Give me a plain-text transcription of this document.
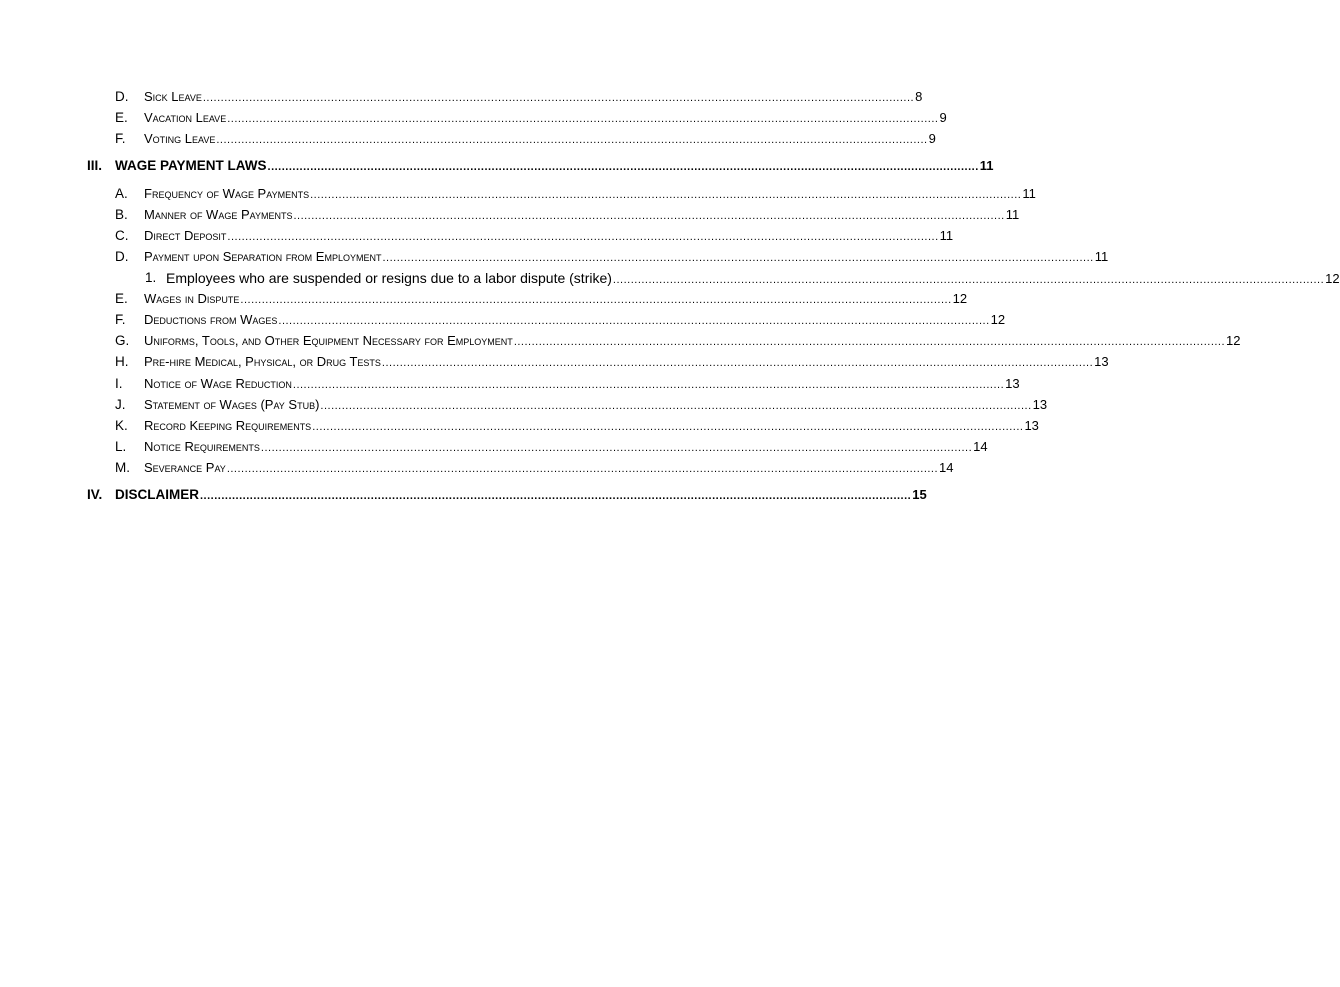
D. Sick Leave ........................................................................................................................................................................................................ 8
E. Vacation Leave ........................................................................................................................................................................................................ 9
F. Voting Leave ........................................................................................................................................................................................................ 9
III. WAGE PAYMENT LAWS ........................................................................................................................................................................................................ 11
A. Frequency of Wage Payments ........................................................................................................................................................................................................ 11
B. Manner of Wage Payments ........................................................................................................................................................................................................ 11
C. Direct Deposit ........................................................................................................................................................................................................ 11
D. Payment upon Separation from Employment ........................................................................................................................................................................................................ 11
1. Employees who are suspended or resigns due to a labor dispute (strike) ........................................................................................................................................................................................................ 12
E. Wages in Dispute ........................................................................................................................................................................................................ 12
F. Deductions from Wages ........................................................................................................................................................................................................ 12
G. Uniforms, Tools, and Other Equipment Necessary for Employment ........................................................................................................................................................................................................ 12
H. Pre-hire Medical, Physical, or Drug Tests ........................................................................................................................................................................................................ 13
I. Notice of Wage Reduction ........................................................................................................................................................................................................ 13
J. Statement of Wages (Pay Stub) ........................................................................................................................................................................................................ 13
K. Record Keeping Requirements ........................................................................................................................................................................................................ 13
L. Notice Requirements ........................................................................................................................................................................................................ 14
M. Severance Pay ........................................................................................................................................................................................................ 14
IV. DISCLAIMER ........................................................................................................................................................................................................ 15
